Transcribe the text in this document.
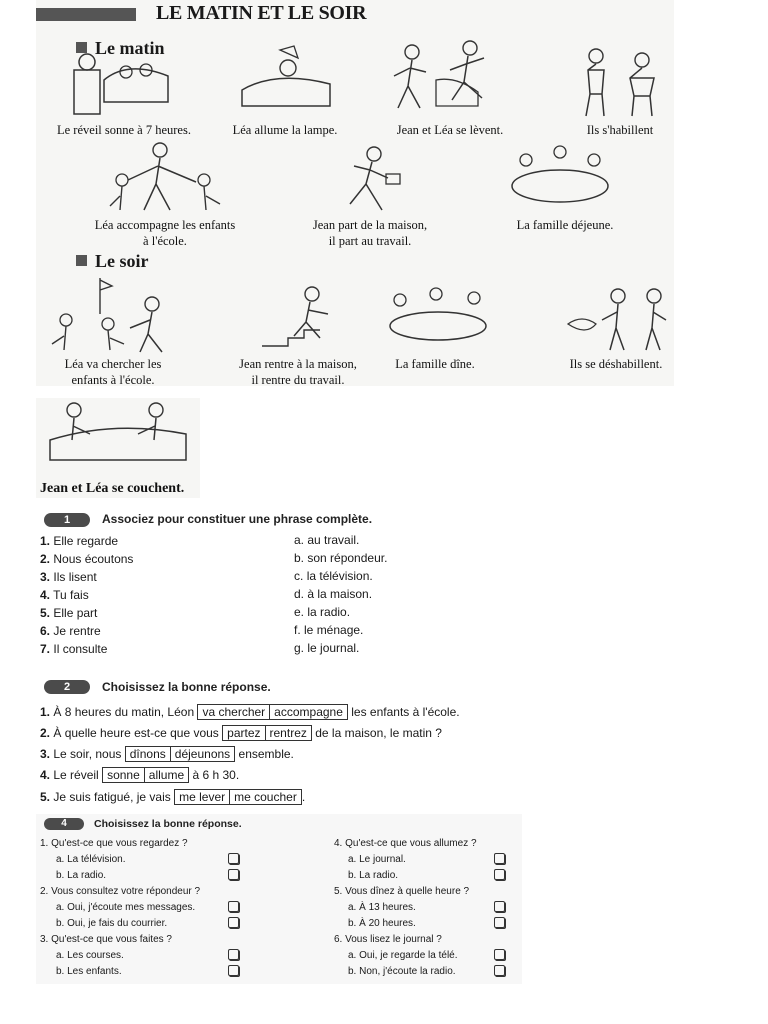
LE MATIN ET LE SOIR
Le matin
Le soir
Le réveil sonne à 7 heures.	Léa allume la lampe.	Jean et Léa se lèvent.	Ils s'habillent
Léa accompagne les enfants
à l'école.
Jean part de la maison,
il part au travail.
La famille déjeune.
Léa va chercher les
enfants à l'école.
Jean rentre à la maison,
il rentre du travail.
La famille dîne.	Ils se déshabillent.
Jean et Léa se couchent.
1	Associez pour constituer une phrase complète.
1. Elle regarde
2. Nous écoutons
3. Ils lisent
4. Tu fais
5. Elle part
6. Je rentre
7. Il consulte
a. au travail.
b. son répondeur.
c. la télévision.
d. à la maison.
e. la radio.
f. le ménage.
g. le journal.
2	Choisissez la bonne réponse.
1. À 8 heures du matin, Léon va chercher accompagne les enfants à l'école.
2. À quelle heure est-ce que vous partez rentrez de la maison, le matin ?
3. Le soir, nous dînons déjeunons ensemble.
4. Le réveil sonne allume à 6 h 30.
5. Je suis fatigué, je vais me lever me coucher .
4	Choisissez la bonne réponse.
1. Qu'est-ce que vous regardez ?
a. La télévision.
b. La radio.
2. Vous consultez votre répondeur ?
a. Oui, j'écoute mes messages.
b. Oui, je fais du courrier.
3. Qu'est-ce que vous faites ?
a. Les courses.
b. Les enfants.
4. Qu'est-ce que vous allumez ?
a. Le journal.
b. La radio.
5. Vous dînez à quelle heure ?
a. À 13 heures.
b. À 20 heures.
6. Vous lisez le journal ?
a. Oui, je regarde la télé.
b. Non, j'écoute la radio.
